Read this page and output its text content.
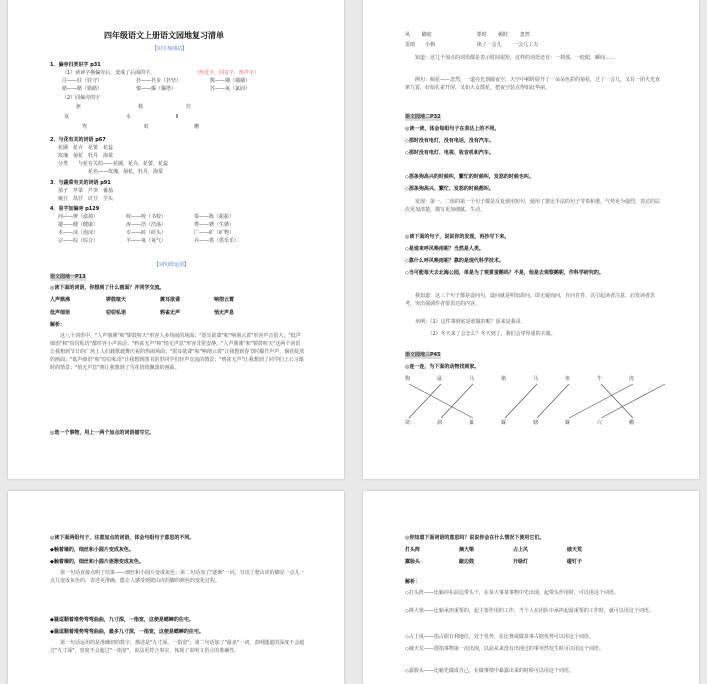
四年级语文上册语文园地复习清单
【识字加油站】
1．偏旁归类识字 p31
（1）读读字换偏旁后，变成了后面的字。	（形近字，同音字，形声字）
注——驻（驻守）	扑——扑步（扑坚）	熊——墙（墙墙）
绪——绪（错绪）	慎——爆（爆塔）	苏——氧（氯固）
（2）同偏旁的字
驱	椅	位
氛	水	Ⅱ
驾	虹	槽
2．与花有关的词语 p67
花圃　花卉　花蕾　花蕊
玫瑰　菊花　牡丹　海棠
分类　　与花有关的——花圃，花卉，花蕾，花蕊
花名——玫瑰，菊花，牡丹，海棠
3．与蔬菜有关的词语 p91
茄子　芹菜　芦笋　番茄
豌豆　莴苣　豇豆　芋头
4．易字加偏旁 p129
河——辨（滤掉）	咬——咬（书校）	泰——陈（振振）
捷——健（健康）	涛——浩（浩荡）	秀——锈（生锈）
木——沫（泡沫）	专——砖（砖头）	广——矿（矿物）
宗——综（综合）	羊——氧（氧气）	兵——供（供乐乐）
【词句段运用】
语文园地一P13
◎读下面的词语，你想到了什么画面？并同学交流。
人声鼎沸	锣鼓喧天	震耳欲聋	响彻云霄
低声细语	窃窃私语	鸦雀无声	悄无声息
解析：
这八个词语中，"人声鼎沸"和"锣鼓喧天"形容人多热闹的场面；"震耳欲聋"和"响彻云霄"形容声音很大；"低声细语"和"窃窃私语"都形容小声说话；"鸦雀无声"和"悄无声息"形容非常安静。"人声鼎沸"和"锣鼓喧天"这两个词语让我想到节日的广场上人们载歌载舞庆祝的热闹场面；"震耳欲聋"和"响彻云霄"让我想到春节时爆竹声声，烟花绽放的画面；"低声细语"和"窃窃私语"让我想到图书馆里同学们轻声交流的情景；"鸦雀无声"让我想到了同学们上公习课时的情景；"悄无声息"则让我想到了雪花悄悄飘落的画面。
◎选一个事物，用上一两个加点的词语描写它。
风　　 脚底　　　　　　　　　要时　　 顿时　　 忽然
雷雨　　小狗　　　　　　　　 读了一会儿　　 一会儿工夫
　　知道：这几个加点的词语都是表示时间很短，这样的词语还有：一刹那，一眨眼，瞬间……
　　例句：倾花——忽然，一道亮光划破夜空，天空中顿时绽开了一朵朵色彩的菊花，过了一会儿，又有一团火光直窜九霄，好似孔雀开屏，又如大女散花，把夜空装点得如此华丽。
语文园地二P32
◎读一读，体会每组句子在表达上的不同。
◇那时没有电灯，没有电话，没有汽车。
◇那时没有电灯、电视、收音机和汽车。
◇那条狗高兴的时候叫，繁忙的时候叫，发怒的时候也叫。
◇那条狗高兴、繁忙、发怒的时候都叫。
　　发现：第一、二组的第一个句子都是反复使用短句，使用了排比手法的句子节奏和谐，气势更为强烈，表达的层次更加清楚，描写更加细腻、生动。
◎读下面的句子，说说你的发现，再抄写下来。
◇是谁来呼风唤雨呢？当然是人类。
◇靠什么呼风唤雨呢？靠的是现代科学技术。
◇当可能每天去北海公园，单是为了观赏蚕鹅吗？不是，他是去观察鹅呢，作科学研究的。
　　我知道：这三个句子都是设问句，设问就是明知故问，即无疑而问，自问自答，以引起读者注意，启发读者思考，突出强调作者要表达的内容。
　　举例：（1）这件事到底是谁做的呢？原来是我哥。
　　　　　（2）冬天来了会怎么？冬天到了，我们会穿厚重的衣服。
语文园地三P45
◎连一连，为下面的动物找到家。
狗	鼠	马	猪	马	鱼	牛	虎
窝	洞	巢	厩	塘	厩	穴	棚
◎读下面两组句子，注意加点的词语，体会句组句子意思的不同。
◆触着墙的，细丝和小圆片变成灰色。
◆触着墙的，细丝和小圆片逐渐变成灰色。
　　第一句话直接点明了结果——细丝和小圆片变成灰色；第二句话加了"逐渐"一词，写出了爬山虎的脚是一点儿一点儿变成灰色的，表述更准确，能让人感受到爬山虎的脚的颜色的变化过程。
◆骚逗顺着堆势弯弯曲曲，九寸深，一指宽，这便是蟋蟀的住宅。
◆骚逗顺着堆势弯弯曲曲，最多九寸深，一指宽，这便是蟋蟀的住宅。
　　第一句话运用的是准确切的数字，描述是"九寸深，一指宽"；第二句话加了"最多"一词，表明隧道的深度不会超过"九寸深"，宽度不会超过"一指宽"，说法更符合事实，体现了说明文语言的准确性。
◎你知道下面词语的意思吗？说说你会在什么情况下使用它们。
打头阵	摘大梁	占上风	破天荒
露脸头	敲边鼓	开绿灯	碰钉子
解析：
◇打头阵——比喻冲在前边带头干，在某大事某事物中先出现，起带头作用时，可以用这个词语。
◇挑大梁——比喻承担重要的，起主要作用的工作，当个人在团队中承担起最重要的工作时，就可以用这个词语。
◇占上风——指占据有利地位，处于优势，在比赛或做某事占据优势可以用这个词语。
◇破天荒——借指事物第一次出现，以前从来没有出现过的事突然发生时可以用这个词语。
◇露脸头——比喻先做成自己，在做事情中暴露出来的时候可以用这个词语。
